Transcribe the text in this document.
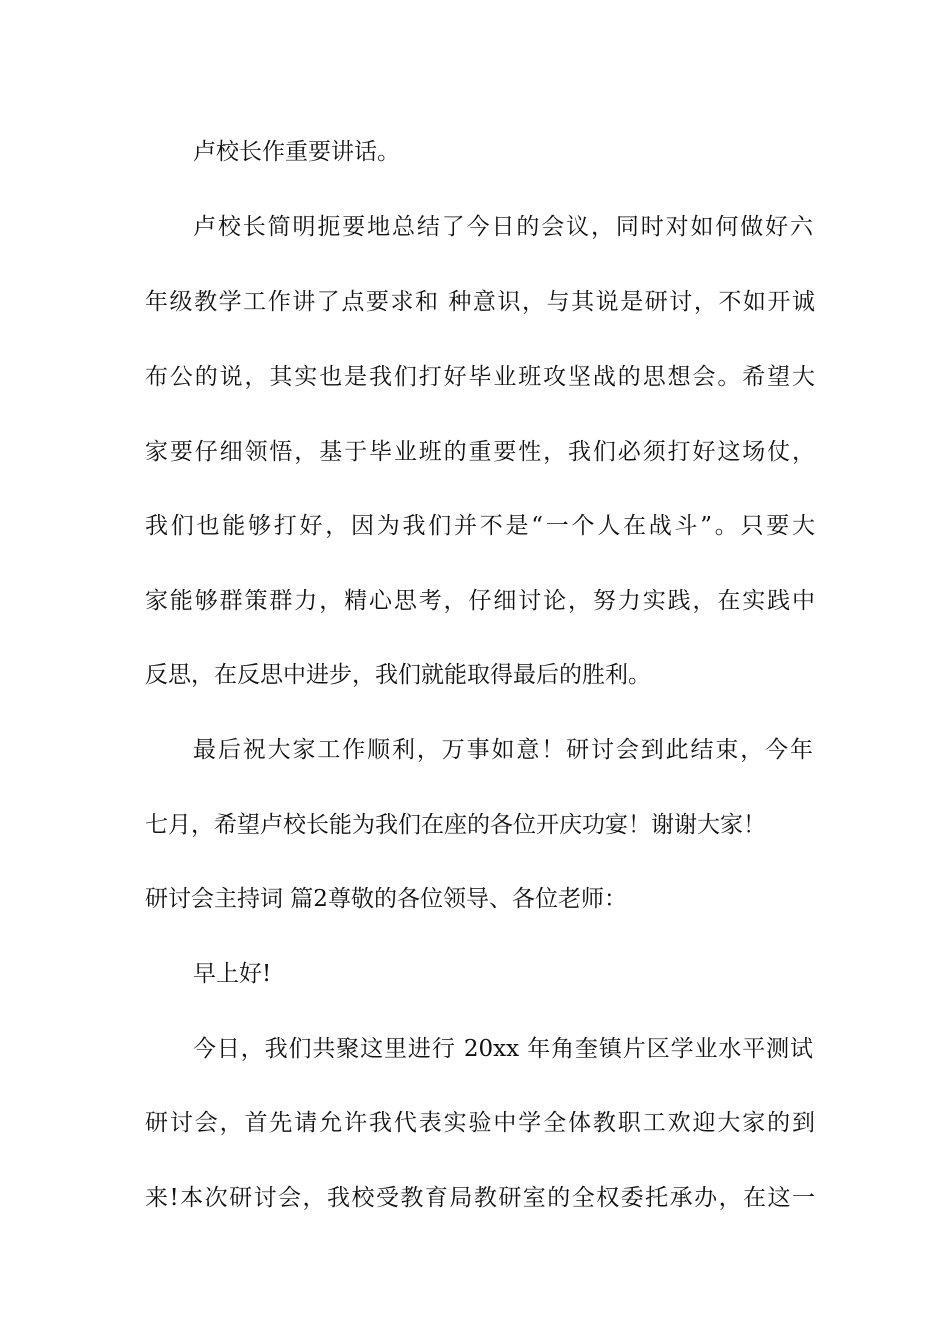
卢校长作重要讲话。
卢校长简明扼要地总结了今日的会议，同时对如何做好六
年级教学工作讲了点要求和 种意识，与其说是研讨，不如开诚
布公的说，其实也是我们打好毕业班攻坚战的思想会。希望大
家要仔细领悟，基于毕业班的重要性，我们必须打好这场仗，
我们也能够打好，因为我们并不是“一个人在战斗”。只要大
家能够群策群力，精心思考，仔细讨论，努力实践，在实践中
反思，在反思中进步，我们就能取得最后的胜利。
最后祝大家工作顺利，万事如意！研讨会到此结束，今年
七月，希望卢校长能为我们在座的各位开庆功宴！谢谢大家！
研讨会主持词 篇2尊敬的各位领导、各位老师：
早上好!
今日，我们共聚这里进行 20xx 年角奎镇片区学业水平测试
研讨会，首先请允许我代表实验中学全体教职工欢迎大家的到
来!本次研讨会，我校受教育局教研室的全权委托承办，在这一
